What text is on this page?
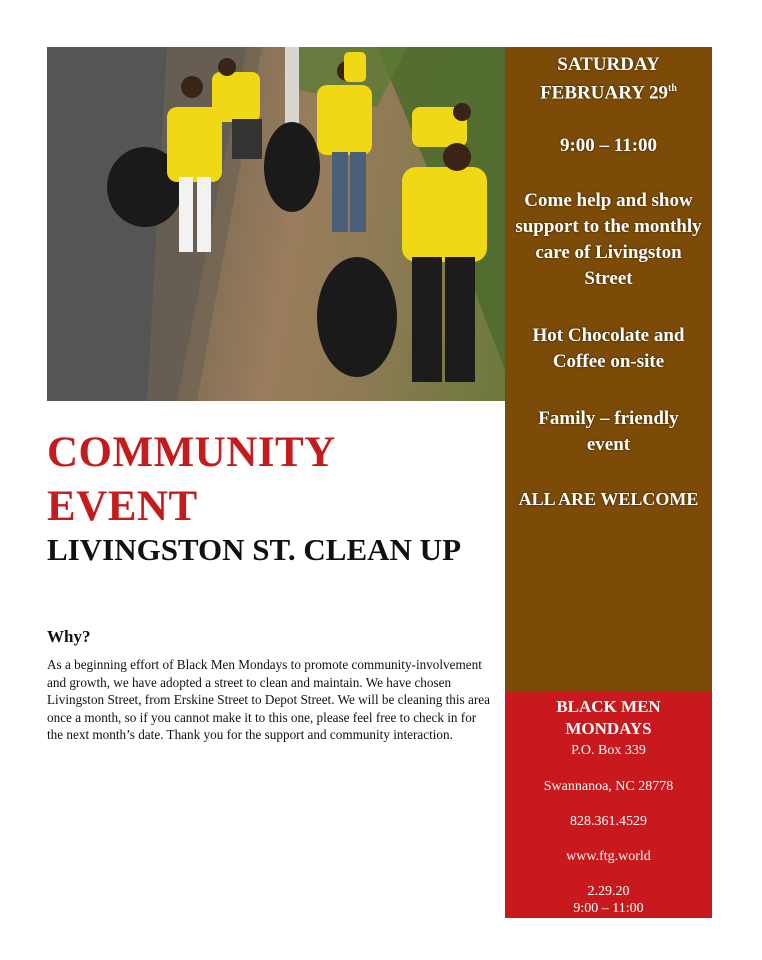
SATURDAY
FEBRUARY 29th
9:00 – 11:00
Come help and show support to the monthly care of Livingston Street
Hot Chocolate and Coffee on-site
Family – friendly event
ALL ARE WELCOME
BLACK MEN MONDAYS
P.O. Box 339
Swannanoa, NC 28778
828.361.4529
www.ftg.world
2.29.20
9:00 – 11:00
COMMUNITY
EVENT
LIVINGSTON ST. CLEAN UP
Why?
As a beginning effort of Black Men Mondays to promote community-involvement and growth, we have adopted a street to clean and maintain. We have chosen Livingston Street, from Erskine Street to Depot Street. We will be cleaning this area once a month, so if you cannot make it to this one, please feel free to check in for the next month’s date. Thank you for the support and community interaction.
